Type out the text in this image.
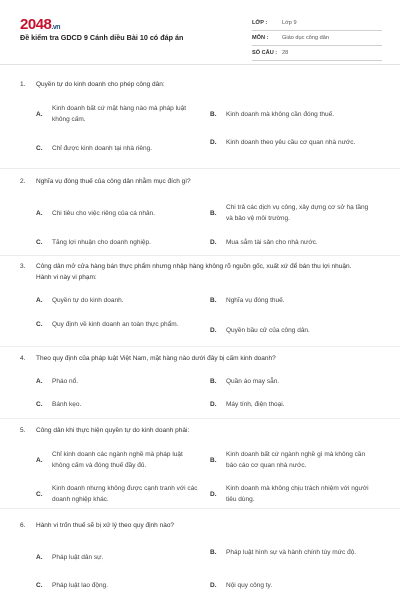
2048.vn
Đề kiểm tra GDCD 9 Cánh diều Bài 10 có đáp án
LỚP :	Lớp 9
MÔN :	Giáo dục công dân
SỐ CÂU : 28
1. Quyền tự do kinh doanh cho phép công dân:
A.
Kinh doanh bất cứ mặt hàng nào mà pháp luật không cấm.
B.	Kinh doanh mà không cần đóng thuế.
C.	Chỉ được kinh doanh tại nhà riêng.
D.	Kinh doanh theo yêu cầu cơ quan nhà nước.
2. Nghĩa vụ đóng thuế của công dân nhằm mục đích gì?
A.	Chi tiêu cho việc riêng của cá nhân.	B.
Chi trả các dịch vụ công, xây dựng cơ sở hạ tầng và bảo vệ môi trường.
C.	Tăng lợi nhuận cho doanh nghiệp.	D.	Mua sắm tài sản cho nhà nước.
3. Công dân mở cửa hàng bán thực phẩm nhưng nhập hàng không rõ nguồn gốc, xuất xứ để bán thu lợi nhuận. Hành vi này vi phạm:
A.	Quyền tự do kinh doanh.	B.	Nghĩa vụ đóng thuế.
C.	Quy định về kinh doanh an toàn thực phẩm.
D.	Quyền bầu cử của công dân.
4. Theo quy định của pháp luật Việt Nam, mặt hàng nào dưới đây bị cấm kinh doanh?
A.	Pháo nổ.	B.	Quần áo may sẵn.
C.	Bánh kẹo.	D.	Máy tính, điện thoại.
5. Công dân khi thực hiện quyền tự do kinh doanh phải:
A.
Chỉ kinh doanh các ngành nghề mà pháp luật không cấm và đóng thuế đầy đủ.
B.
Kinh doanh bất cứ ngành nghề gì mà không cần báo cáo cơ quan nhà nước.
C.
Kinh doanh nhưng không được cạnh tranh với các doanh nghiệp khác.
D.
Kinh doanh mà không chịu trách nhiệm với người tiêu dùng.
6. Hành vi trốn thuế sẽ bị xử lý theo quy định nào?
A.	Pháp luật dân sự.
B.	Pháp luật hình sự và hành chính tùy mức độ.
C.	Pháp luật lao động.	D.	Nội quy công ty.
